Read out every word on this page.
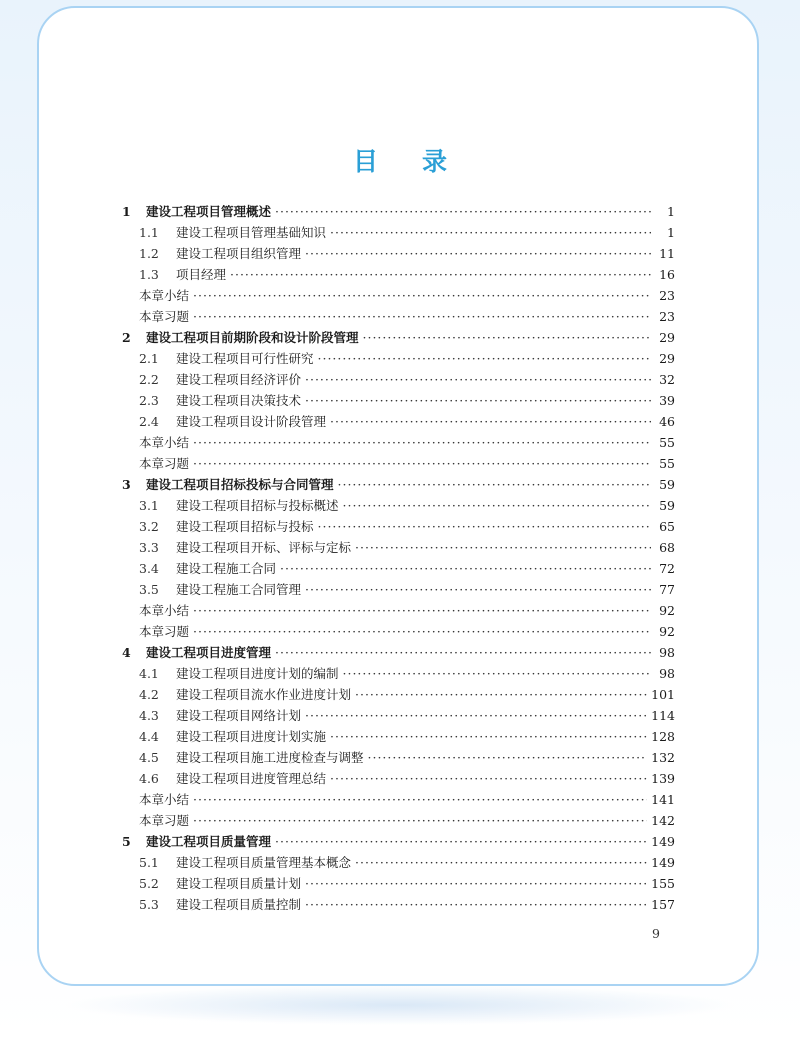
目 录
1	建设工程项目管理概述 ·····	1
1.1	建设工程项目管理基础知识 ·····	1
1.2	建设工程项目组织管理 ·····	11
1.3	项目经理 ·····	16
本章小结 ·····	23
本章习题 ·····	23
2	建设工程项目前期阶段和设计阶段管理 ·····	29
2.1	建设工程项目可行性研究 ·····	29
2.2	建设工程项目经济评价 ·····	32
2.3	建设工程项目决策技术 ·····	39
2.4	建设工程项目设计阶段管理 ·····	46
本章小结 ·····	55
本章习题 ·····	55
3	建设工程项目招标投标与合同管理 ·····	59
3.1	建设工程项目招标与投标概述 ·····	59
3.2	建设工程项目招标与投标 ·····	65
3.3	建设工程项目开标、评标与定标 ·····	68
3.4	建设工程施工合同 ·····	72
3.5	建设工程施工合同管理 ·····	77
本章小结 ·····	92
本章习题 ·····	92
4	建设工程项目进度管理 ·····	98
4.1	建设工程项目进度计划的编制 ·····	98
4.2	建设工程项目流水作业进度计划 ·····	101
4.3	建设工程项目网络计划 ·····	114
4.4	建设工程项目进度计划实施 ·····	128
4.5	建设工程项目施工进度检查与调整 ·····	132
4.6	建设工程项目进度管理总结 ·····	139
本章小结 ·····	141
本章习题 ·····	142
5	建设工程项目质量管理 ·····	149
5.1	建设工程项目质量管理基本概念 ·····	149
5.2	建设工程项目质量计划 ·····	155
5.3	建设工程项目质量控制 ·····	157
9
